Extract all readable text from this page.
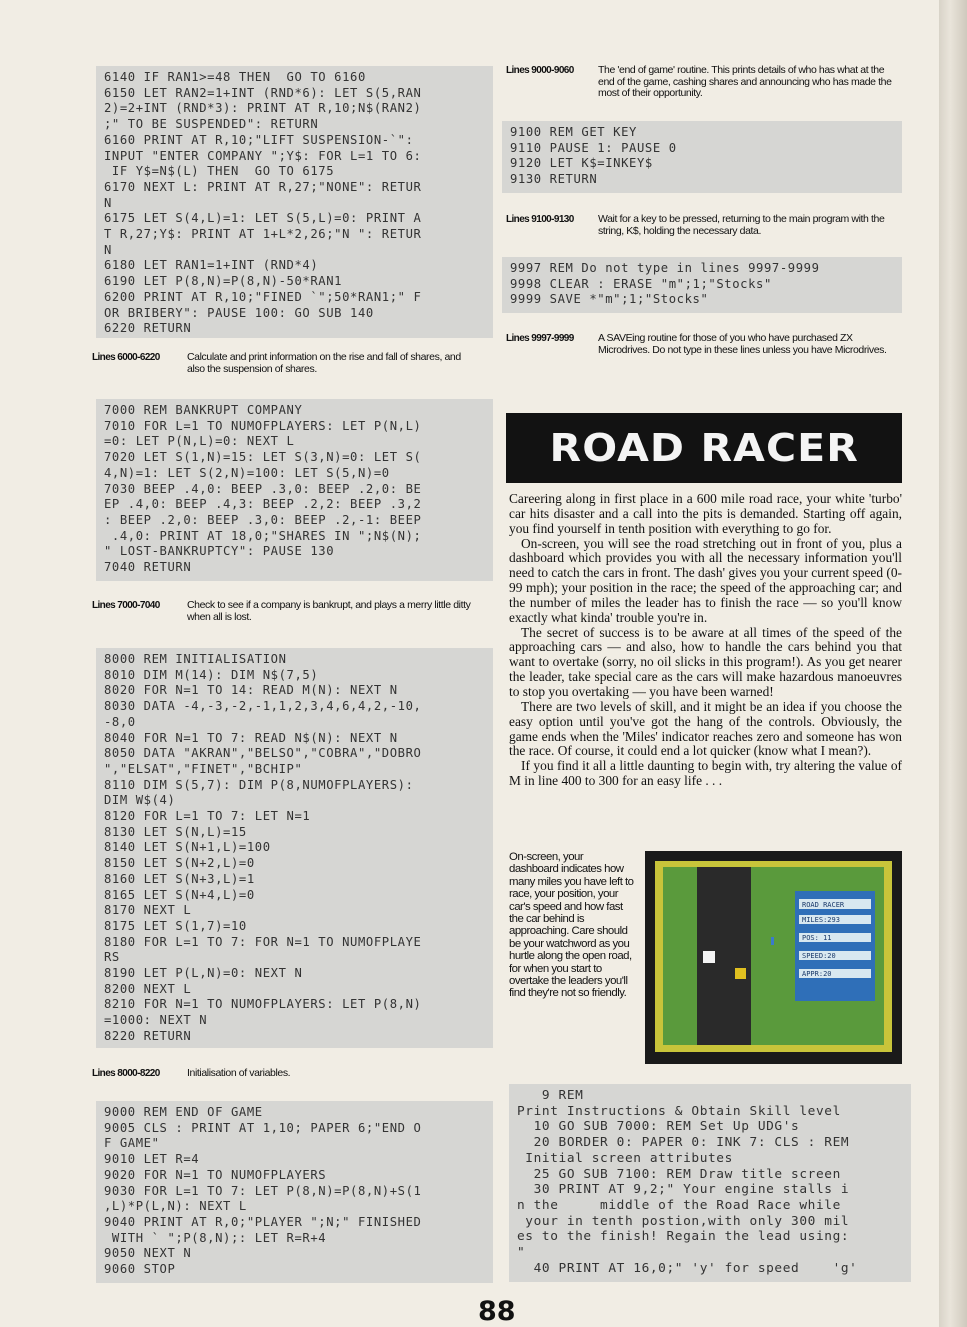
6140 IF RAN1>=48 THEN  GO TO 6160
6150 LET RAN2=1+INT (RND*6): LET S(5,RAN
2)=2+INT (RND*3): PRINT AT R,10;N$(RAN2)
;" TO BE SUSPENDED": RETURN
6160 PRINT AT R,10;"LIFT SUSPENSION-`":
INPUT "ENTER COMPANY ";Y$: FOR L=1 TO 6:
IF Y$=N$(L) THEN  GO TO 6175
6170 NEXT L: PRINT AT R,27;"NONE": RETUR
N
6175 LET S(4,L)=1: LET S(5,L)=0: PRINT A
T R,27;Y$: PRINT AT 1+L*2,26;"N ": RETUR
N
6180 LET RAN1=1+INT (RND*4)
6190 LET P(8,N)=P(8,N)-50*RAN1
6200 PRINT AT R,10;"FINED `";50*RAN1;" F
OR BRIBERY": PAUSE 100: GO SUB 140
6220 RETURN
Lines 6000-6220	Calculate and print information on the rise and fall of shares, and also the suspension of shares.
7000 REM BANKRUPT COMPANY
7010 FOR L=1 TO NUMOFPLAYERS: LET P(N,L)
=0: LET P(N,L)=0: NEXT L
7020 LET S(1,N)=15: LET S(3,N)=0: LET S(
4,N)=1: LET S(2,N)=100: LET S(5,N)=0
7030 BEEP .4,0: BEEP .3,0: BEEP .2,0: BE
EP .4,0: BEEP .4,3: BEEP .2,2: BEEP .3,2
: BEEP .2,0: BEEP .3,0: BEEP .2,-1: BEEP
.4,0: PRINT AT 18,0;"SHARES IN ";N$(N);
" LOST-BANKRUPTCY": PAUSE 130
7040 RETURN
Lines 7000-7040	Check to see if a company is bankrupt, and plays a merry little ditty when all is lost.
8000 REM INITIALISATION
8010 DIM M(14): DIM N$(7,5)
8020 FOR N=1 TO 14: READ M(N): NEXT N
8030 DATA -4,-3,-2,-1,1,2,3,4,6,4,2,-10,
-8,0
8040 FOR N=1 TO 7: READ N$(N): NEXT N
8050 DATA "AKRAN","BELSO","COBRA","DOBRO
","ELSAT","FINET","BCHIP"
8110 DIM S(5,7): DIM P(8,NUMOFPLAYERS):
DIM W$(4)
8120 FOR L=1 TO 7: LET N=1
8130 LET S(N,L)=15
8140 LET S(N+1,L)=100
8150 LET S(N+2,L)=0
8160 LET S(N+3,L)=1
8165 LET S(N+4,L)=0
8170 NEXT L
8175 LET S(1,7)=10
8180 FOR L=1 TO 7: FOR N=1 TO NUMOFPLAYE
RS
8190 LET P(L,N)=0: NEXT N
8200 NEXT L
8210 FOR N=1 TO NUMOFPLAYERS: LET P(8,N)
=1000: NEXT N
8220 RETURN
Lines 8000-8220	Initialisation of variables.
9000 REM END OF GAME
9005 CLS : PRINT AT 1,10; PAPER 6;"END O
F GAME"
9010 LET R=4
9020 FOR N=1 TO NUMOFPLAYERS
9030 FOR L=1 TO 7: LET P(8,N)=P(8,N)+S(1
,L)*P(L,N): NEXT L
9040 PRINT AT R,0;"PLAYER ";N;" FINISHED
WITH ` ";P(8,N);: LET R=R+4
9050 NEXT N
9060 STOP
Lines 9000-9060 The 'end of game' routine. This prints details of who has what at the end of the game, cashing shares and announcing who has made the most of their opportunity.
9100 REM GET KEY
9110 PAUSE 1: PAUSE 0
9120 LET K$=INKEY$
9130 RETURN
Lines 9100-9130 Wait for a key to be pressed, returning to the main program with the string, K$, holding the necessary data.
9997 REM Do not type in lines 9997-9999
9998 CLEAR : ERASE "m";1;"Stocks"
9999 SAVE *"m";1;"Stocks"
Lines 9997-9999 A SAVEing routine for those of you who have purchased ZX Microdrives. Do not type in these lines unless you have Microdrives.
ROAD RACER

Careering along in first place in a 600 mile road race, your white 'turbo' car hits disaster and a call into the pits is demanded. Starting off again, you find yourself in tenth position with everything to go for.

On-screen, you will see the road stretching out in front of you, plus a dashboard which provides you with all the necessary information you'll need to catch the cars in front. The dash' gives you your current speed (0-99 mph); your position in the race; the speed of the approaching car; and the number of miles the leader has to finish the race — so you'll know exactly what kinda' trouble you're in.

The secret of success is to be aware at all times of the speed of the approaching cars — and also, how to handle the cars behind you that want to overtake (sorry, no oil slicks in this program!). As you get nearer the leader, take special care as the cars will make hazardous manoeuvres to stop you overtaking — you have been warned!

There are two levels of skill, and it might be an idea if you choose the easy option until you've got the hang of the controls. Obviously, the game ends when the 'Miles' indicator reaches zero and someone has won the race. Of course, it could end a lot quicker (know what I mean?).

If you find it all a little daunting to begin with, try altering the value of M in line 400 to 300 for an easy life . . .

On-screen, your dashboard indicates how many miles you have left to race, your position, your car's speed and how fast the car behind is approaching. Care should be your watchword as you hurtle along the open road, for when you start to overtake the leaders you'll find they're not so friendly.
ROAD RACER
MILES:293
POS: 11
SPEED:20
APPR:20
9 REM
Print Instructions & Obtain Skill level
10 GO SUB 7000: REM Set Up UDG's
20 BORDER 0: PAPER 0: INK 7: CLS : REM
Initial screen attributes
25 GO SUB 7100: REM Draw title screen
30 PRINT AT 9,2;" Your engine stalls i
n the     middle of the Road Race while
your in tenth postion,with only 300 mil
es to the finish! Regain the lead using:
"
40 PRINT AT 16,0;" 'y' for speed    'g'
88
